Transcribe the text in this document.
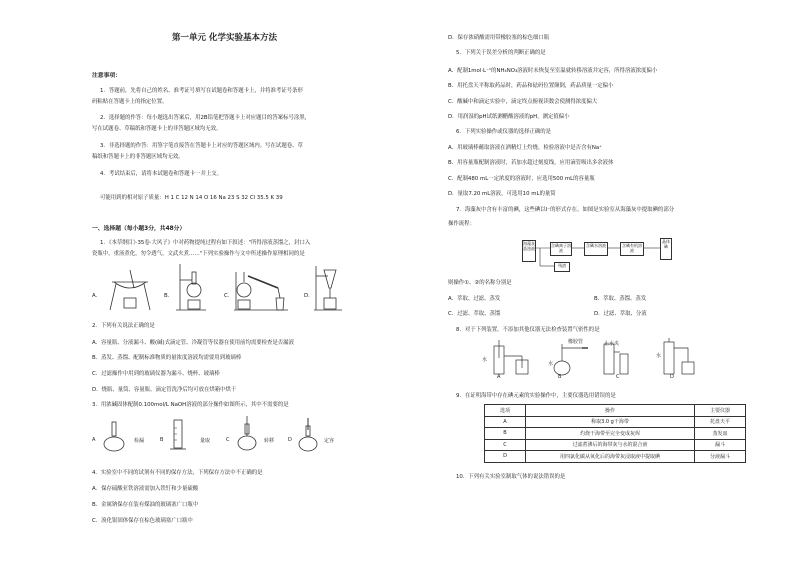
第一单元 化学实验基本方法
注意事项：
1．答题前，先将自己的姓名、准考证号填写在试题卷和答题卡上，并将准考证号条形
码粘贴在答题卡上的指定位置。
2．选择题的作答：每小题选出答案后，用2B铅笔把答题卡上对应题目的答案标号涂黑，
写在试题卷、草稿纸和答题卡上的非答题区域均无效。
3．非选择题的作答：用签字笔直接答在答题卡上对应的答题区域内。写在试题卷、草
稿纸和答题卡上的非答题区域均无效。
4．考试结束后，请将本试题卷和答题卡一并上交。
可能用到的相对原子质量：H 1 C 12 N 14 O 16 Na 23 S 32 Cl 35.5 K 39
一、选择题（每小题3分，共48分）
1．《本草纲目》·35卷·大风子》中对药物提纯过程有如下叙述："所得溶液蒸馏之，封口入
瓷瓶中，重汤煮化，勿令透气，文武火煮……"下列实验操作与文中所述操作原理相同的是
A.	B.	C.	D.
2．下列有关说法正确的是
A．容量瓶、分液漏斗、酸(碱)式滴定管、冷凝管等仪器在使用前均需要检查是否漏液
B．蒸发、蒸馏、配制标准物质的量浓度溶液均需要用到玻璃棒
C．过滤操作中用到的玻璃仪器为漏斗、烧杯、玻璃棒
D．烧瓶、量筒、容量瓶、滴定管洗净后均可放在烘箱中烘干
3．用浓碱固体配制0.100mol/L NaOH溶液的部分操作如图所示，其中不需要的是
A	检漏	B	量取	C	转移	D	定容
4．实验室中不同的试剂有不同的保存方法，下列保存方法中不正确的是
A．保存硫酸亚铁溶液需加入铁钉和少量硫酸
B．金属钠保存在装有煤油的玻璃塞广口瓶中
C．溴化银固体保存在棕色玻璃塞广口瓶中
D．保存浓硝酸需用带橡胶塞的棕色细口瓶
5．下列关于误差分析的判断正确的是
A．配制1mol·L⁻¹的NH₄NO₃溶液时未恢复至室温就转移溶液并定容，所得溶液浓度偏小
B．用托盘天平称取药品时，药品和砝码位置颠倒，药品质量一定偏小
C．酸碱中和滴定实验中，滴定终点俯视读数会使测得浓度偏大
D．用润湿的pH试纸测醋酸溶液的pH，测定值偏小
6．下列实验操作或仪器的选择正确的是
A．用玻璃棒蘸取溶液在酒精灯上灼烧，检验溶液中是否含有Na⁺
B．用容量瓶配制溶液时，若加水超过刻度线，应用滴管吸出多余液体
C．配制480 mL一定浓度的溶液时，应选用500 mL的容量瓶
D．量取7.20 mL溶液，可选用10 mL的量筒
7．海藻灰中含有丰富的碘，这些碘以I⁻的形式存在。如图是实验室从海藻灰中提取碘的部分
操作流程：
海藻灰悬浊液
含碘离子溶液
含碘水溶液	含碘有机溶液
晶体碘
残渣
则操作①、②的名称分别是
A．萃取、过滤、蒸发	B．萃取、蒸馏、蒸发
C．过滤、萃取、蒸馏	D．过滤、萃取、分液
8．对于下列装置，不添加其他仪器无法检查装置气密性的是
A	B	C	D
水
橡胶管
水
止水夹
水
9．在证明海带中存在碘元素的实验操作中，主要仪器选用错误的是
选项	操作	主要仪器
A	称取3.0 g干海带	托盘天平
B	灼烧干海带至完全变成灰烬	蒸发皿
C	过滤煮沸后的海带灰与水的混合液	漏斗
D	用四氯化碳从氧化后的海带灰浸取液中提取碘	分液漏斗
10．下列有关实验室制取气体的说法错误的是
